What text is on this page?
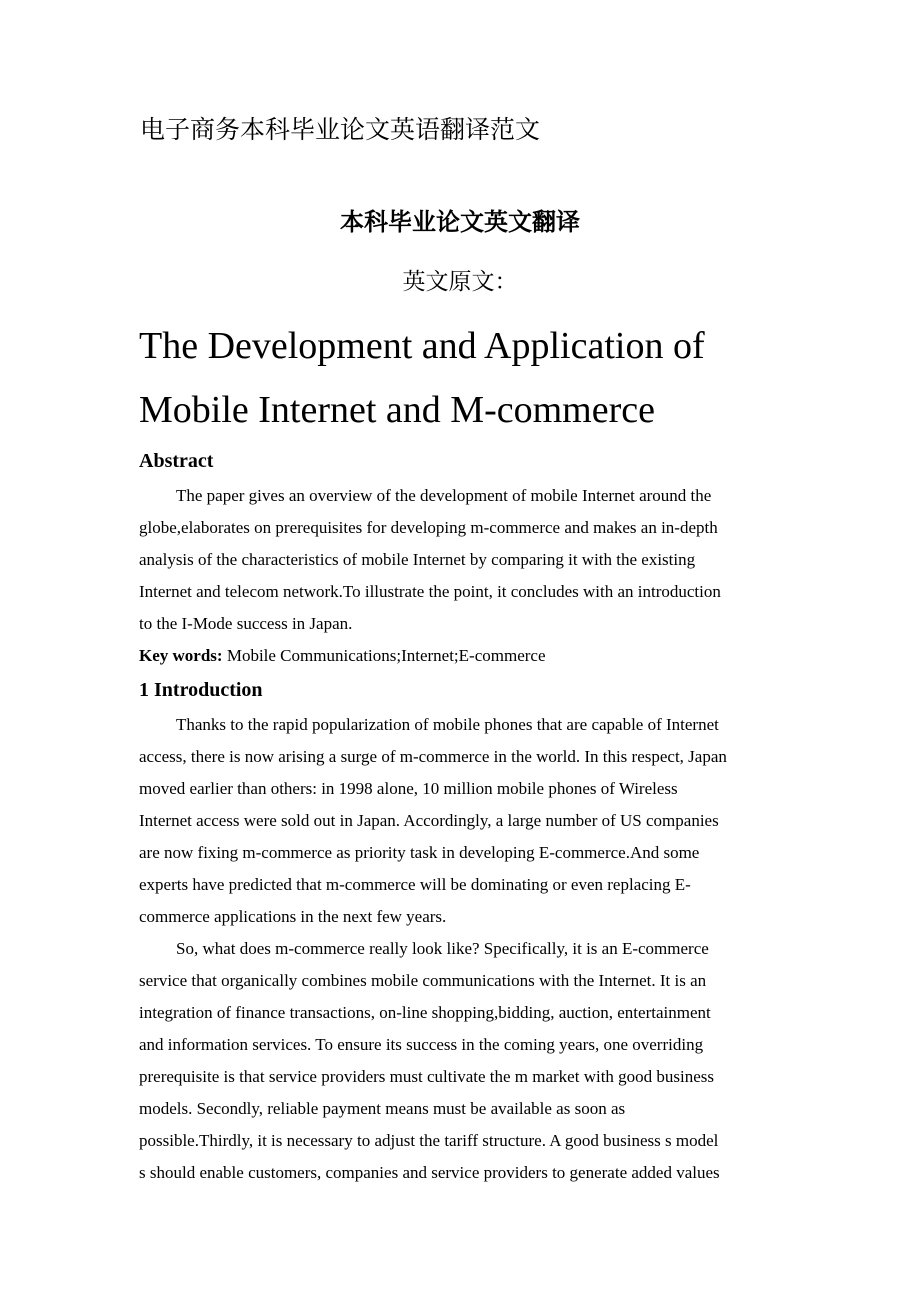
电子商务本科毕业论文英语翻译范文
本科毕业论文英文翻译
英文原文：
The Development and Application of
Mobile Internet and M-commerce
Abstract
The paper gives an overview of the development of mobile Internet around the
globe,elaborates on prerequisites for developing m-commerce and makes an in-depth
analysis of the characteristics of mobile Internet by comparing it with the existing
Internet and telecom network.To illustrate the point, it concludes with an introduction
to the I-Mode success in Japan.
Key words: Mobile Communications;Internet;E-commerce
1 Introduction
Thanks to the rapid popularization of mobile phones that are capable of Internet
access, there is now arising a surge of m-commerce in the world. In this respect, Japan
moved earlier than others: in 1998 alone, 10 million mobile phones of Wireless
Internet access were sold out in Japan. Accordingly, a large number of US companies
are now fixing m-commerce as priority task in developing E-commerce.And some
experts have predicted that m-commerce will be dominating or even replacing E-
commerce applications in the next few years.
So, what does m-commerce really look like? Specifically, it is an E-commerce
service that organically combines mobile communications with the Internet. It is an
integration of finance transactions, on-line shopping,bidding, auction, entertainment
and information services. To ensure its success in the coming years, one overriding
prerequisite is that service providers must cultivate the m market with good business
models. Secondly, reliable payment means must be available as soon as
possible.Thirdly, it is necessary to adjust the tariff structure. A good business s model
s should enable customers, companies and service providers to generate added values
